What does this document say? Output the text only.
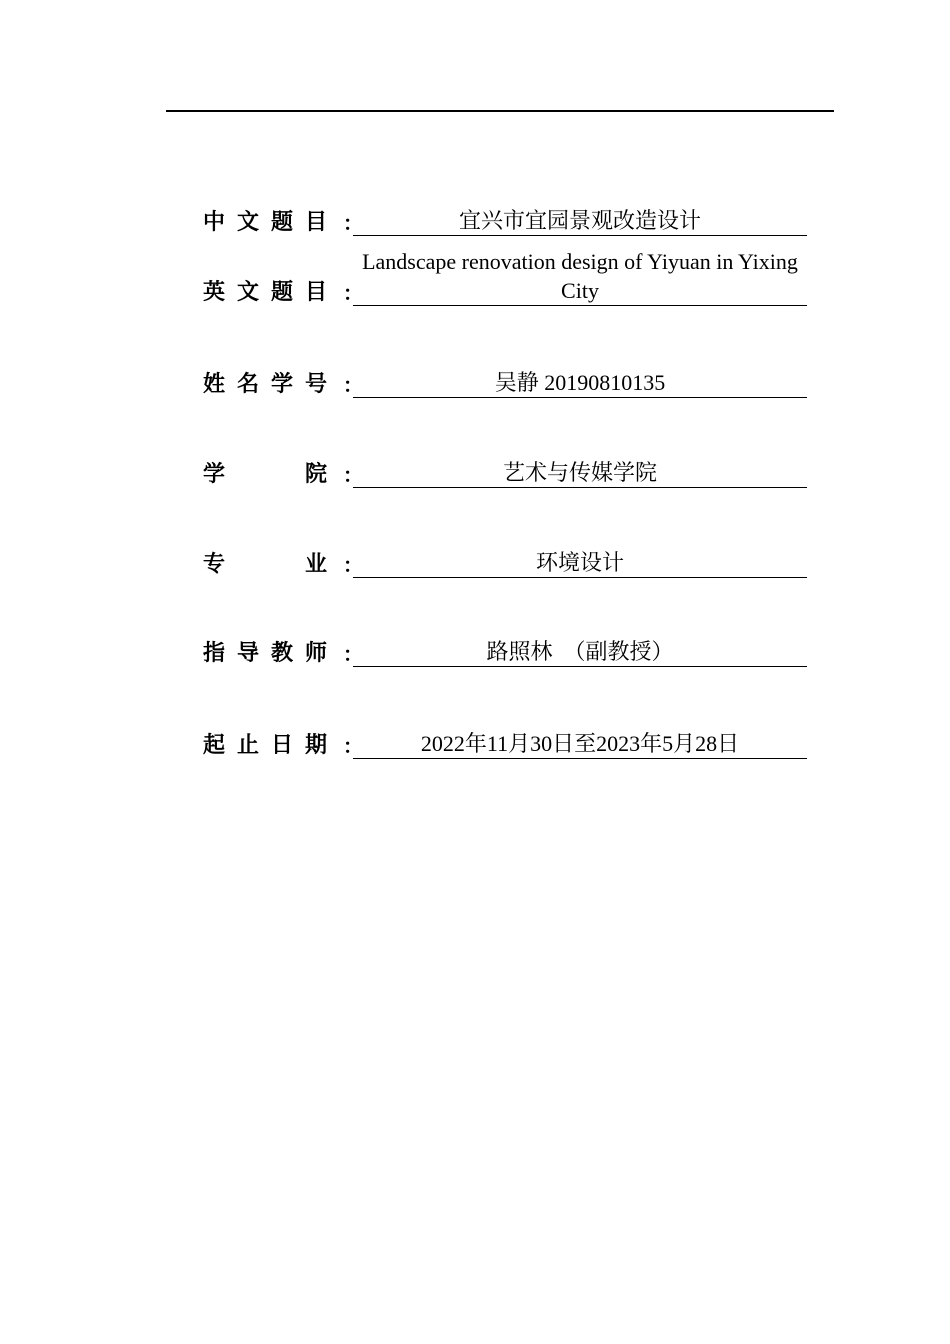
中文题目 ：	宜兴市宜园景观改造设计
英文题目 ：
Landscape renovation design of Yiyuan in Yixing City
姓名学号 ：	吴静 20190810135
学院 ：	艺术与传媒学院
专业 ：	环境设计
指导教师 ：	路照林  （副教授）
起止日期 ：	2022年11月30日至2023年5月28日
